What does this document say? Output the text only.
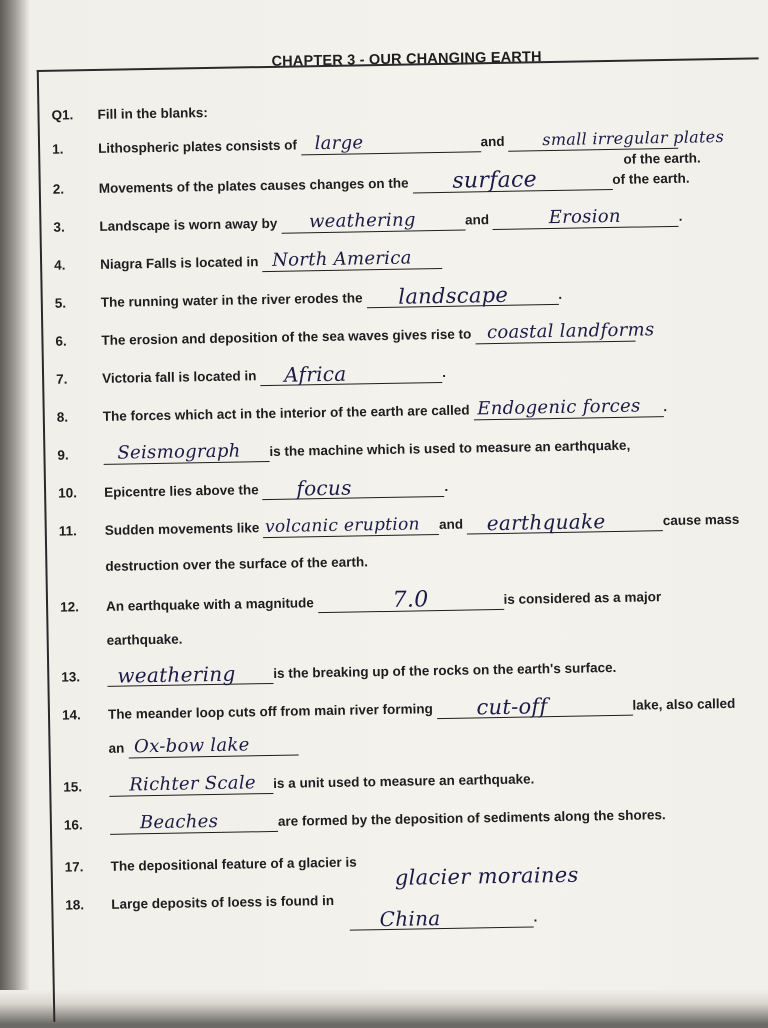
CHAPTER 3 - OUR CHANGING EARTH
Q1. Fill in the blanks:
1.	Lithospheric plates consists of large	and small irregular plates
of the earth.
2.	Movements of the plates causes changes on the surface	of the earth.
3.	Landscape is worn away by weathering	and	Erosion	.
4.	Niagra Falls is located in North America
5.	The running water in the river erodes the landscape	.
6.	The erosion and deposition of the sea waves gives rise to coastal landforms
7.	Victoria fall is located in Africa	.
8.	The forces which act in the interior of the earth are called Endogenic forces	.
9.	Seismograph	is the machine which is used to measure an earthquake,
10. Epicentre lies above the focus	.
11. Sudden movements like volcanic eruption	and earthquake	cause mass
destruction over the surface of the earth.
12. An earthquake with a magnitude	7.0	is considered as a major
earthquake.
13. weathering	is the breaking up of the rocks on the earth's surface.
14. The meander loop cuts off from main river forming cut-off	lake, also called
an Ox-bow lake
15.	Richter Scale	is a unit used to measure an earthquake.
16.	Beaches	are formed by the deposition of sediments along the shores.
17. The depositional feature of a glacier is glacier moraines
18. Large deposits of loess is found in
China	.
